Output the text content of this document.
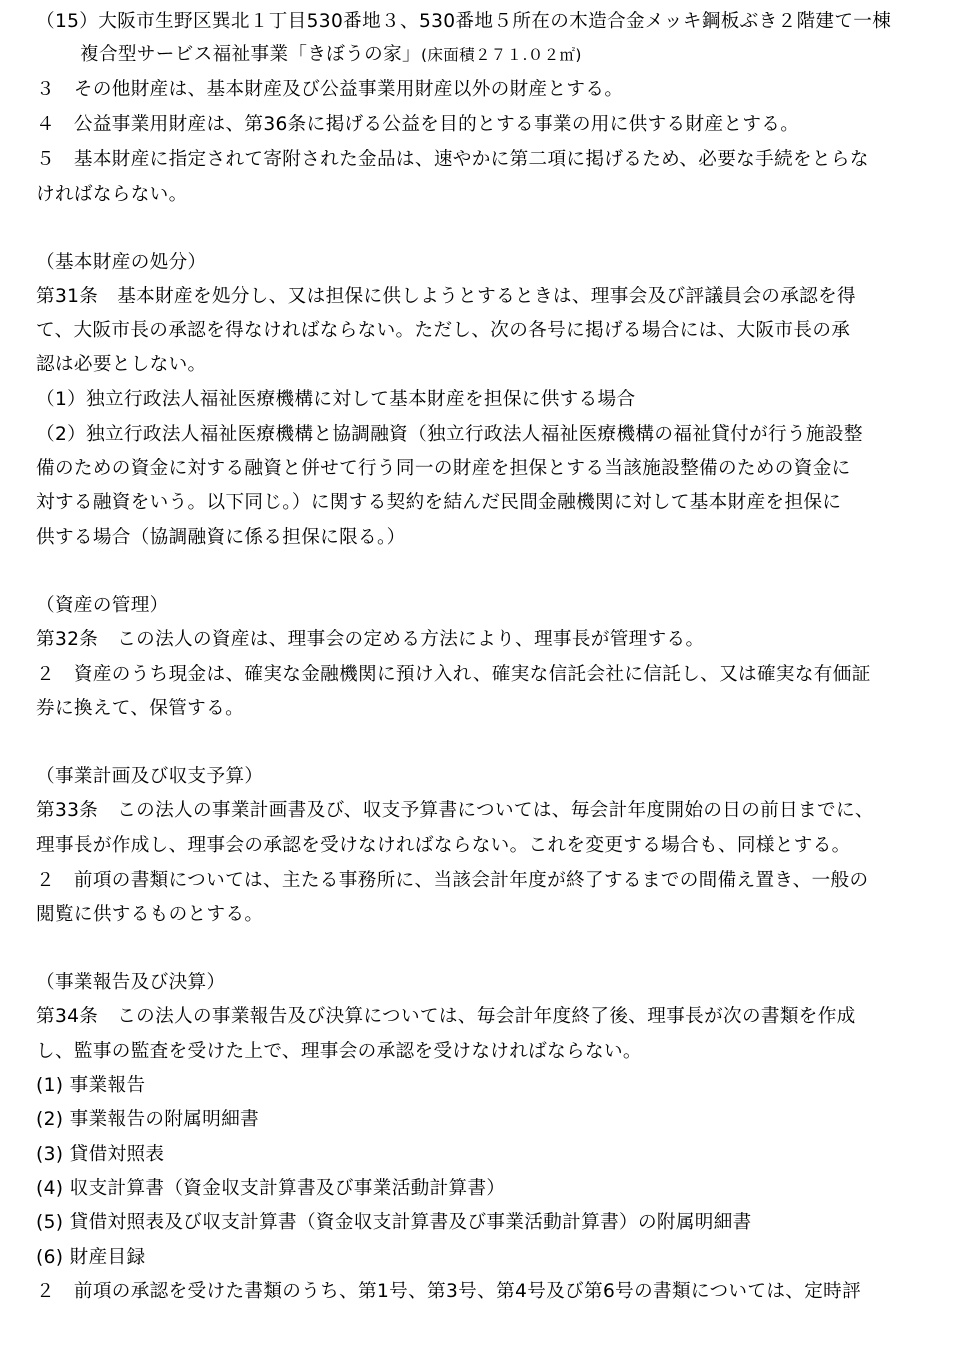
（15）大阪市生野区巽北１丁目530番地３、530番地５所在の木造合金メッキ鋼板ぶき２階建て一棟
複合型サービス福祉事業「きぼうの家」(床面積２７１.０２㎡)
３　その他財産は、基本財産及び公益事業用財産以外の財産とする。
４　公益事業用財産は、第36条に掲げる公益を目的とする事業の用に供する財産とする。
５　基本財産に指定されて寄附された金品は、速やかに第二項に掲げるため、必要な手続をとらな
ければならない。
（基本財産の処分）
第31条　基本財産を処分し、又は担保に供しようとするときは、理事会及び評議員会の承認を得
て、大阪市長の承認を得なければならない。ただし、次の各号に掲げる場合には、大阪市長の承
認は必要としない。
（1）独立行政法人福祉医療機構に対して基本財産を担保に供する場合
（2）独立行政法人福祉医療機構と協調融資（独立行政法人福祉医療機構の福祉貸付が行う施設整
備のための資金に対する融資と併せて行う同一の財産を担保とする当該施設整備のための資金に
対する融資をいう。以下同じ。）に関する契約を結んだ民間金融機関に対して基本財産を担保に
供する場合（協調融資に係る担保に限る。）
（資産の管理）
第32条　この法人の資産は、理事会の定める方法により、理事長が管理する。
２　資産のうち現金は、確実な金融機関に預け入れ、確実な信託会社に信託し、又は確実な有価証
券に換えて、保管する。
（事業計画及び収支予算）
第33条　この法人の事業計画書及び、収支予算書については、毎会計年度開始の日の前日までに、
理事長が作成し、理事会の承認を受けなければならない。これを変更する場合も、同様とする。
２　前項の書類については、主たる事務所に、当該会計年度が終了するまでの間備え置き、一般の
閲覧に供するものとする。
（事業報告及び決算）
第34条　この法人の事業報告及び決算については、毎会計年度終了後、理事長が次の書類を作成
し、監事の監査を受けた上で、理事会の承認を受けなければならない。
(1) 事業報告
(2) 事業報告の附属明細書
(3) 貸借対照表
(4) 収支計算書（資金収支計算書及び事業活動計算書）
(5) 貸借対照表及び収支計算書（資金収支計算書及び事業活動計算書）の附属明細書
(6) 財産目録
２　前項の承認を受けた書類のうち、第1号、第3号、第4号及び第6号の書類については、定時評
